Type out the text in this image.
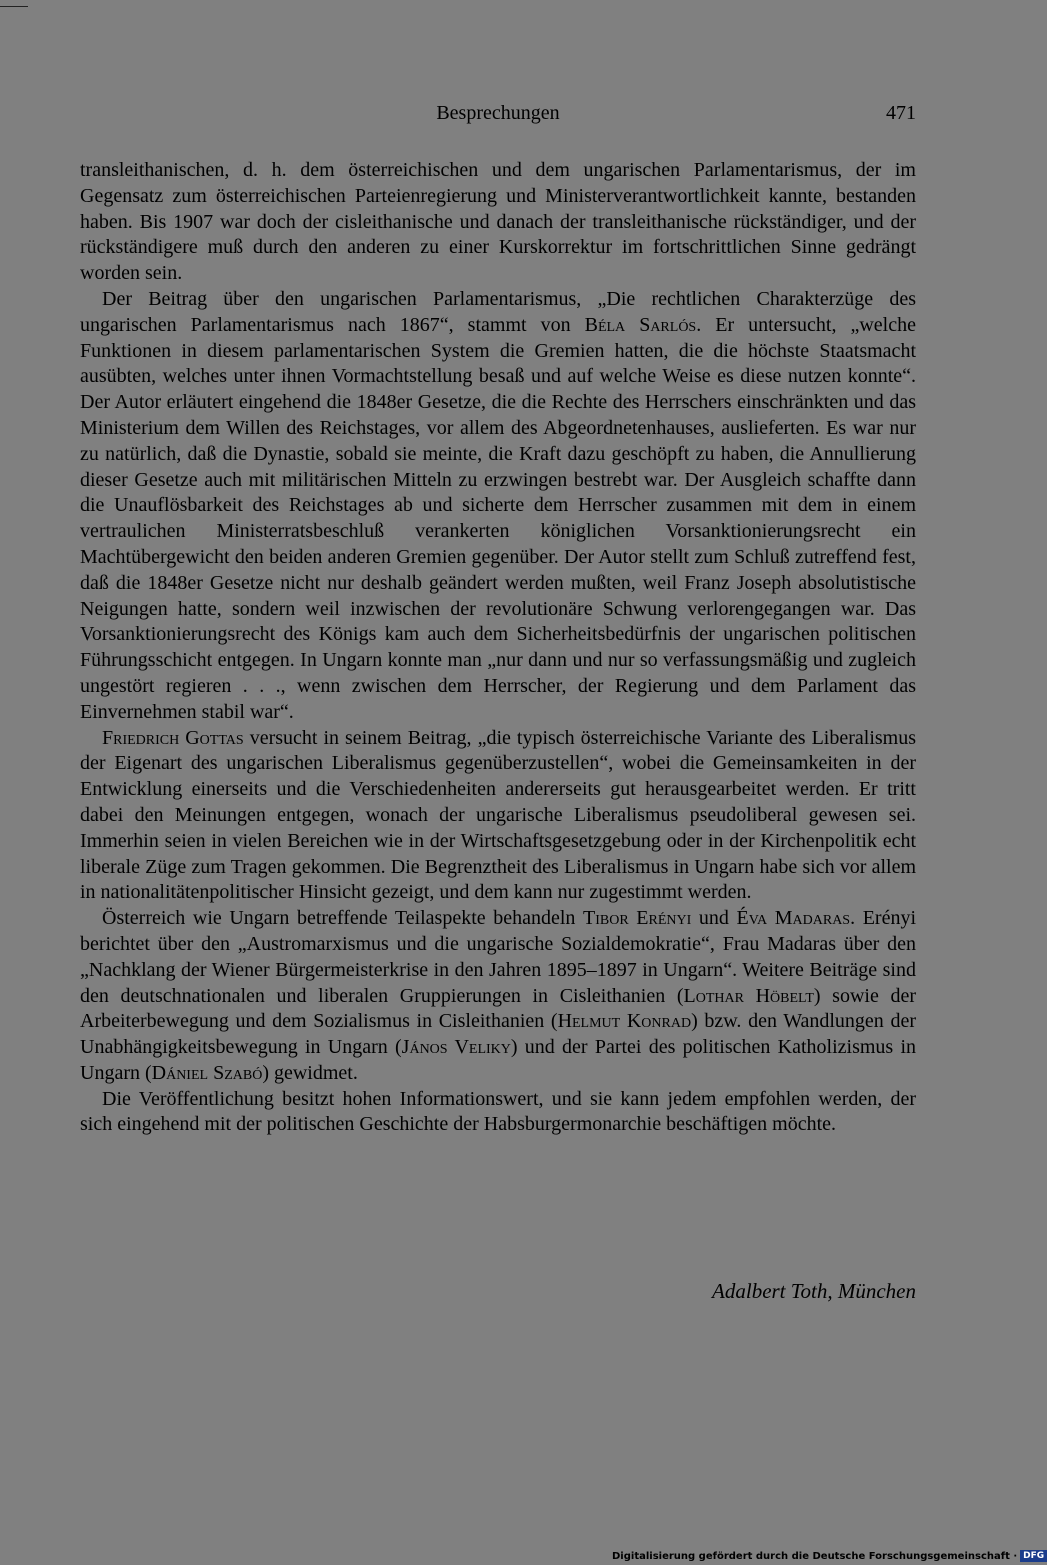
Besprechungen	471

transleithanischen, d. h. dem österreichischen und dem ungarischen Parlamentarismus, der im Gegensatz zum österreichischen Parteienregierung und Ministerverantwortlichkeit kannte, bestanden haben. Bis 1907 war doch der cisleithanische und danach der transleithanische rückständiger, und der rückständigere muß durch den anderen zu einer Kurskorrektur im fortschrittlichen Sinne gedrängt worden sein.

Der Beitrag über den ungarischen Parlamentarismus, „Die rechtlichen Charakterzüge des ungarischen Parlamentarismus nach 1867“, stammt von Béla Sarlós. Er untersucht, „welche Funktionen in diesem parlamentarischen System die Gremien hatten, die die höchste Staatsmacht ausübten, welches unter ihnen Vormachtstellung besaß und auf welche Weise es diese nutzen konnte“. Der Autor erläutert eingehend die 1848er Gesetze, die die Rechte des Herrschers einschränkten und das Ministerium dem Willen des Reichstages, vor allem des Abgeordnetenhauses, auslieferten. Es war nur zu natürlich, daß die Dynastie, sobald sie meinte, die Kraft dazu geschöpft zu haben, die Annullierung dieser Gesetze auch mit militärischen Mitteln zu erzwingen bestrebt war. Der Ausgleich schaffte dann die Unauflösbarkeit des Reichstages ab und sicherte dem Herrscher zusammen mit dem in einem vertraulichen Ministerratsbeschluß verankerten königlichen Vorsanktionierungsrecht ein Machtübergewicht den beiden anderen Gremien gegenüber. Der Autor stellt zum Schluß zutreffend fest, daß die 1848er Gesetze nicht nur deshalb geändert werden mußten, weil Franz Joseph absolutistische Neigungen hatte, sondern weil inzwischen der revolutionäre Schwung verlorengegangen war. Das Vorsanktionierungsrecht des Königs kam auch dem Sicherheitsbedürfnis der ungarischen politischen Führungsschicht entgegen. In Ungarn konnte man „nur dann und nur so verfassungsmäßig und zugleich ungestört regieren . . ., wenn zwischen dem Herrscher, der Regierung und dem Parlament das Einvernehmen stabil war“.

Friedrich Gottas versucht in seinem Beitrag, „die typisch österreichische Variante des Liberalismus der Eigenart des ungarischen Liberalismus gegenüberzustellen“, wobei die Gemeinsamkeiten in der Entwicklung einerseits und die Verschiedenheiten andererseits gut herausgearbeitet werden. Er tritt dabei den Meinungen entgegen, wonach der ungarische Liberalismus pseudoliberal gewesen sei. Immerhin seien in vielen Bereichen wie in der Wirtschaftsgesetzgebung oder in der Kirchenpolitik echt liberale Züge zum Tragen gekommen. Die Begrenztheit des Liberalismus in Ungarn habe sich vor allem in nationalitätenpolitischer Hinsicht gezeigt, und dem kann nur zugestimmt werden.

Österreich wie Ungarn betreffende Teilaspekte behandeln Tibor Erényi und Éva Madaras. Erényi berichtet über den „Austromarxismus und die ungarische Sozialdemokratie“, Frau Madaras über den „Nachklang der Wiener Bürgermeisterkrise in den Jahren 1895–1897 in Ungarn“. Weitere Beiträge sind den deutschnationalen und liberalen Gruppierungen in Cisleithanien (Lothar Höbelt) sowie der Arbeiterbewegung und dem Sozialismus in Cisleithanien (Helmut Konrad) bzw. den Wandlungen der Unabhängigkeitsbewegung in Ungarn (János Veliky) und der Partei des politischen Katholizismus in Ungarn (Dániel Szabó) gewidmet.

Die Veröffentlichung besitzt hohen Informationswert, und sie kann jedem empfohlen werden, der sich eingehend mit der politischen Geschichte der Habsburgermonarchie beschäftigen möchte.

Adalbert Toth, München
Digitalisierung gefördert durch die Deutsche Forschungsgemeinschaft · DFG
